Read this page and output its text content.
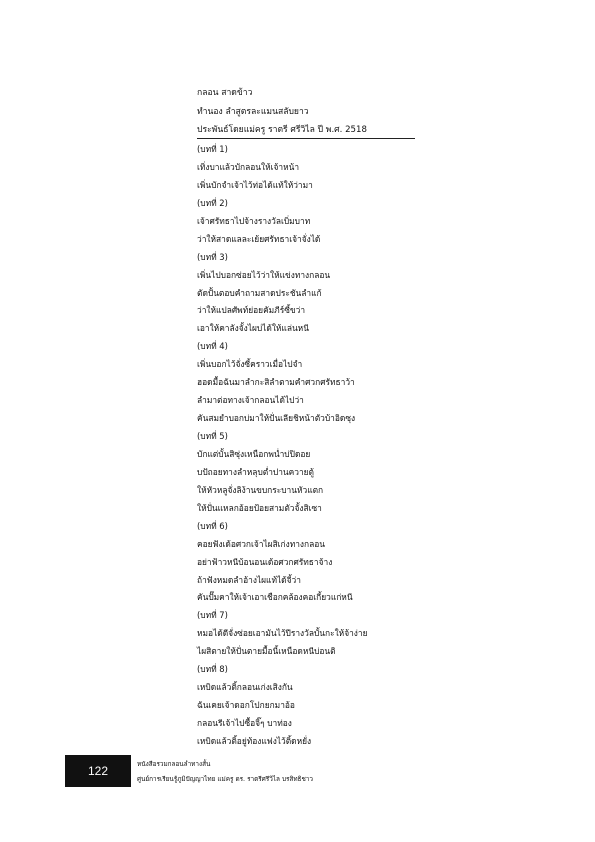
กลอน สาดข้าว
ทำนอง ลำสูตรละแมนสลับยาว
ประพันธ์โดยแม่ครู ราตรี ศรีวิไล ปี พ.ศ. 2518
(บทที่ 1)
เทิ่งบาแล้วบักลอนให้เจ้าหน้า
เพิ่นบักจำเจ้าไว้ท่อได้แท้ให้ว่ามา
(บทที่ 2)
เจ้าศรัทธาไปจ้างรางวัลเบิ่มบาท
ว่าให้สาดแลละเย้ยศรัทธาเจ้าจั่งได้
(บทที่ 3)
เพิ่นไปบอกซ่อยไว้ว่าให้แข่งทางกลอน
ตัดปั้นตอบคำถามสาดประชันลำแก้
ว่าให้แปลศัพท์ย่อยคัมภีร์ซี้ขว่า
เอาให้คาลังจั้งไผบ่ได้ให้แล่นหนี
(บทที่ 4)
เพิ่นบอกไว้จั่งซี้คราวเมื่อไปจำ
ฮอดมื้อฉันมาลำกะสิลำตามคำศวกศรัทธาว้า
ลำมาต่อทางเจ้ากลอนได้ไปว่า
คันสมยำบอกบ่มาให้ปั่นเลียชิหน้าตัวบ้าอิดซุง
(บทที่ 5)
บักแต่บั้นสิซุ่งเหนือกพน่ำบ่ปิดอย
บปัถอยทางลำหลุบต่ำปานควายตู้
ให้หัวหลูจั่งลิง้านขบกระบานหัวแตก
ให้ปั่นแหลกอ้อยป้อยสามตัวจั้งสิเซา
(บทที่ 6)
คอยฟังเด้อศวกเจ้าไผสิเก่งทางกลอน
อย่าฟ้าวหนีบ้อนอนเด้อศวกศรัทธาจ้าง
ถ้าฟังหมดลำอ้างไผแท้ได้จี้ว่า
คันปั๊มคาให้เจ้าเอาเชือกคล้องคอเกี้ยวแก่หนี
(บทที่ 7)
หมอได้ดีจั่งซ่อยเอามันไว้ปีรางวัลบั้นกะให้จ้าง่าย
ไผสิตายให้ปั่นตายมื้อนี้เหนือดหนีบ่อนติ
(บทที่ 8)
เหบิดแล้วติ้กลอนเก่งเสิงกัน
ฉันเคยเจ้าดอกโปกยกมาอ้อ
กลอนรีเจ้าไปซื้อจิ๊ๆ บาท่อง
เหบิดแล้วติ้อยู่ท้องแฟงไว้ติ้ดหยั่ง
122	หนังสือรวมกลอนลำทางสั้น
ศูนย์การเรียนรู้ภูมิปัญญาไทย แม่ครู ดร. ราตรีศรีวิไล บรสิทธิชาว
